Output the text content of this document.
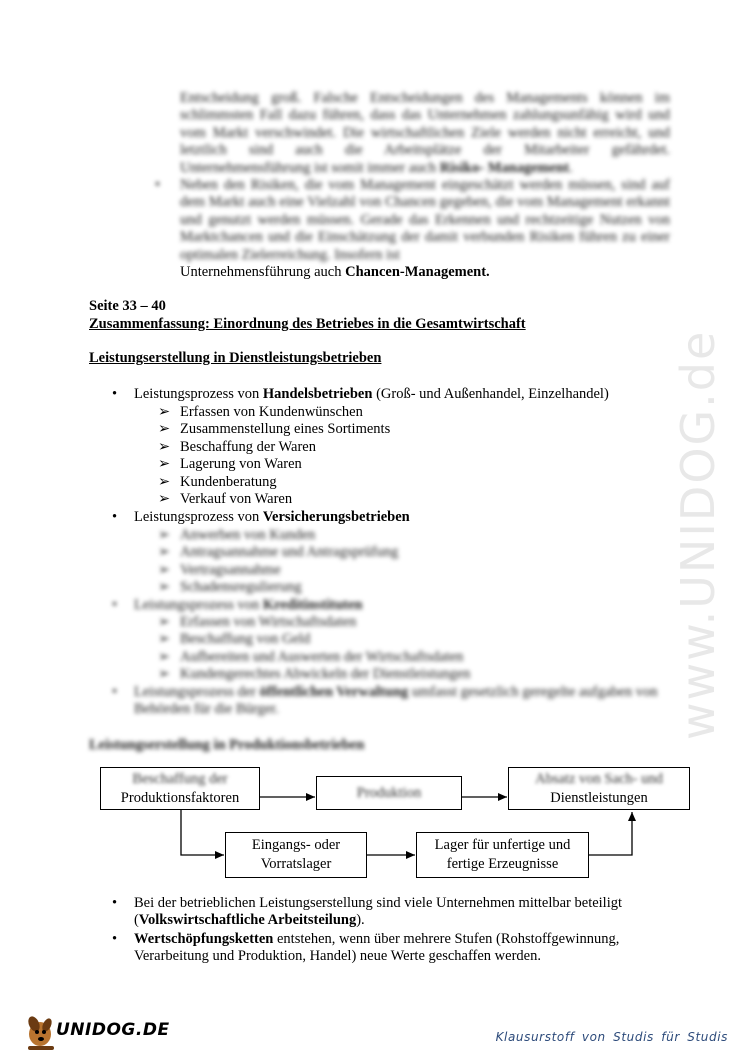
www.UNIDOG.de
Entscheidung groß. Falsche Entscheidungen des Managements können im schlimmsten Fall dazu führen, dass das Unternehmen zahlungsunfähig wird und vom Markt verschwindet. Die wirtschaftlichen Ziele werden nicht erreicht, und letztlich sind auch die Arbeitsplätze der Mitarbeiter gefährdet. Unternehmensführung ist somit immer auch Risiko- Management.
• Neben den Risiken, die vom Management eingeschätzt werden müssen, sind auf dem Markt auch eine Vielzahl von Chancen gegeben, die vom Management erkannt und genutzt werden müssen. Gerade das Erkennen und rechtzeitige Nutzen von Marktchancen und die Einschätzung der damit verbunden Risiken führen zu einer optimalen Zielerreichung. Insofern ist
Unternehmensführung auch Chancen-Management.
Seite 33 – 40
Zusammenfassung: Einordnung des Betriebes in die Gesamtwirtschaft
Leistungserstellung in Dienstleistungsbetrieben
• Leistungsprozess von Handelsbetrieben (Groß- und Außenhandel, Einzelhandel)
➢ Erfassen von Kundenwünschen
➢ Zusammenstellung eines Sortiments
➢ Beschaffung der Waren
➢ Lagerung von Waren
➢ Kundenberatung
➢ Verkauf von Waren
• Leistungsprozess von Versicherungsbetrieben
➢ Anwerben von Kunden
➢ Antragsannahme und Antragsprüfung
➢ Vertragsannahme
➢ Schadensregulierung
• Leistungsprozess von Kreditinstituten
➢ Erfassen von Wirtschaftsdaten
➢ Beschaffung von Geld
➢ Aufbereiten und Auswerten der Wirtschaftsdaten
➢ Kundengerechtes Abwickeln der Dienstleistungen
• Leistungsprozess der öffentlichen Verwaltung umfasst gesetzlich geregelte aufgaben von Behörden für die Bürger.
Leistungserstellung in Produktionsbetrieben
Beschaffung der
Produktionsfaktoren	Produktion
Absatz von Sach- und
Dienstleistungen
Eingangs- oder
Vorratslager
Lager für unfertige und
fertige Erzeugnisse
• Bei der betrieblichen Leistungserstellung sind viele Unternehmen mittelbar beteiligt (Volkswirtschaftliche Arbeitsteilung).
• Wertschöpfungsketten entstehen, wenn über mehrere Stufen (Rohstoffgewinnung, Verarbeitung und Produktion, Handel) neue Werte geschaffen werden.
UNIDOG.DE	Klausurstoff von Studis für Studis
